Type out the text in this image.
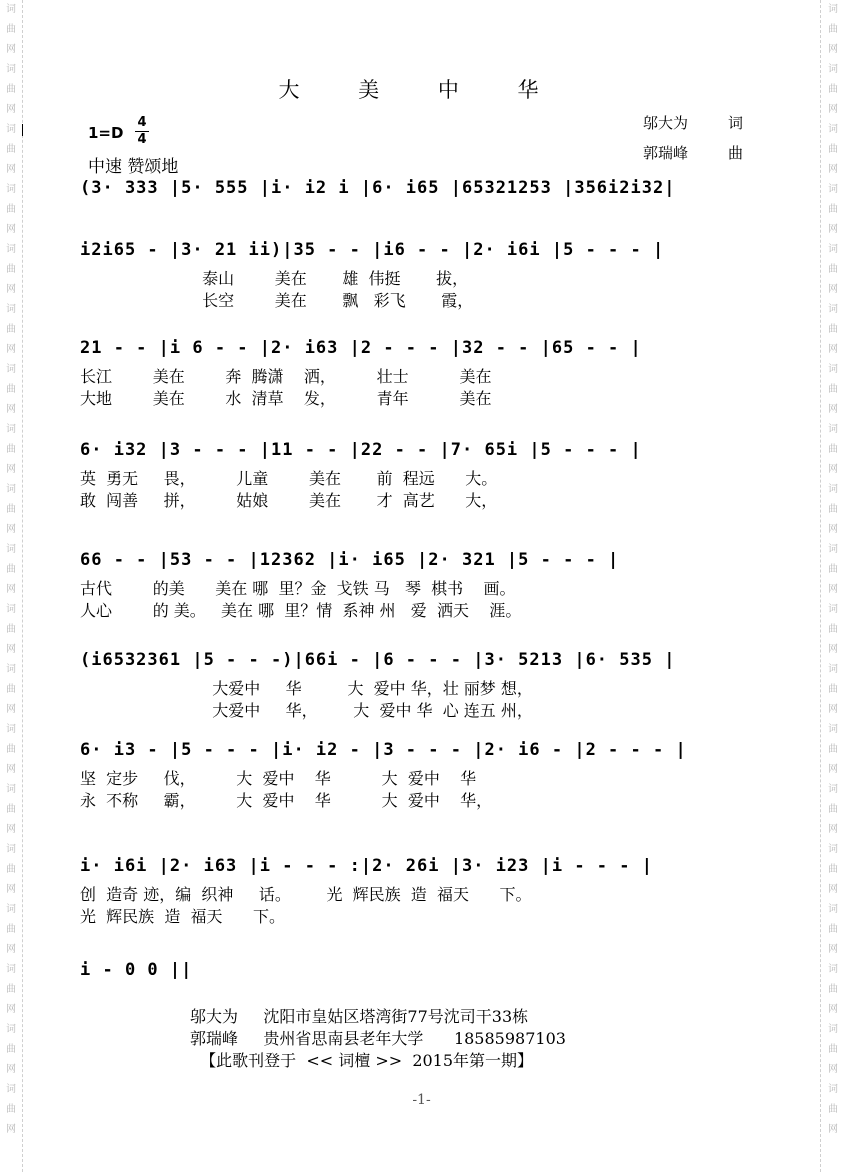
词
曲
网
词
曲
网
词
曲
网
词
曲
网
词
曲
网
词
曲
网
词
曲
网
词
曲
网
词
曲
网
词
曲
网
词
曲
网
词
曲
网
词
曲
网
词
曲
网
词
曲
网
词
曲
网
词
曲
网
词
曲
网
词
曲
网
词
曲
网
词
曲
网
词
曲
网
词
曲
网
词
曲
网
词
曲
网
词
曲
网
词
曲
网
词
曲
网
词
曲
网
词
曲
网
词
曲
网
词
曲
网
词
曲
网
词
曲
网
词
曲
网
词
曲
网
词
曲
网
词
曲
网
大 美 中 华
1=D
4
4
中速 赞颂地
邬大为	词
郭瑞峰	曲
(3· 333 |5· 555 |i· i2 i |6· i65 |65321253 |356i2i32|
i2i65 - |3· 21 ii)|35 - - |i6 - - |2· i6i |5 - - - |
泰山        美在       雄  伟挺       拔，
长空        美在       飘   彩飞       霞，
21 - - |i 6 - - |2· i63 |2 - - - |32 - - |65 - - |
长江        美在        奔  腾潇    洒，        壮士          美在
大地        美在        水  清草    发，        青年          美在
6· i32 |3 - - - |11 - - |22 - - |7· 65i |5 - - - |
英  勇无     畏，        儿童        美在       前  程远      大。
敢  闯善     拼，        姑娘        美在       才  高艺      大，
66 - - |53 - - |12362 |i· i65 |2· 321 |5 - - - |
古代        的美      美在 哪  里？金  戈铁 马   琴  棋书    画。
人心        的 美。   美在 哪  里？情  系神 州   爱  洒天    涯。
(i6532361 |5 - - -)|66i - |6 - - - |3· 5213 |6· 535 |
大爱中     华         大  爱中 华，壮 丽梦 想，
大爱中     华，       大  爱中 华  心 连五 州，
6· i3 - |5 - - - |i· i2 - |3 - - - |2· i6 - |2 - - - |
坚  定步     伐，        大  爱中    华          大  爱中    华
永  不称     霸，        大  爱中    华          大  爱中    华，
i· i6i |2· i63 |i - - - :|2· 26i |3· i23 |i - - - |
创  造奇 迹，编  织神     话。       光  辉民族  造  福天      下。
光  辉民族  造  福天      下。
i - 0 0 ||
邬大为     沈阳市皇姑区塔湾街77号沈司干33栋
郭瑞峰     贵州省思南县老年大学      18585987103
【此歌刊登于  << 词檀 >>  2015年第一期】
-1-
